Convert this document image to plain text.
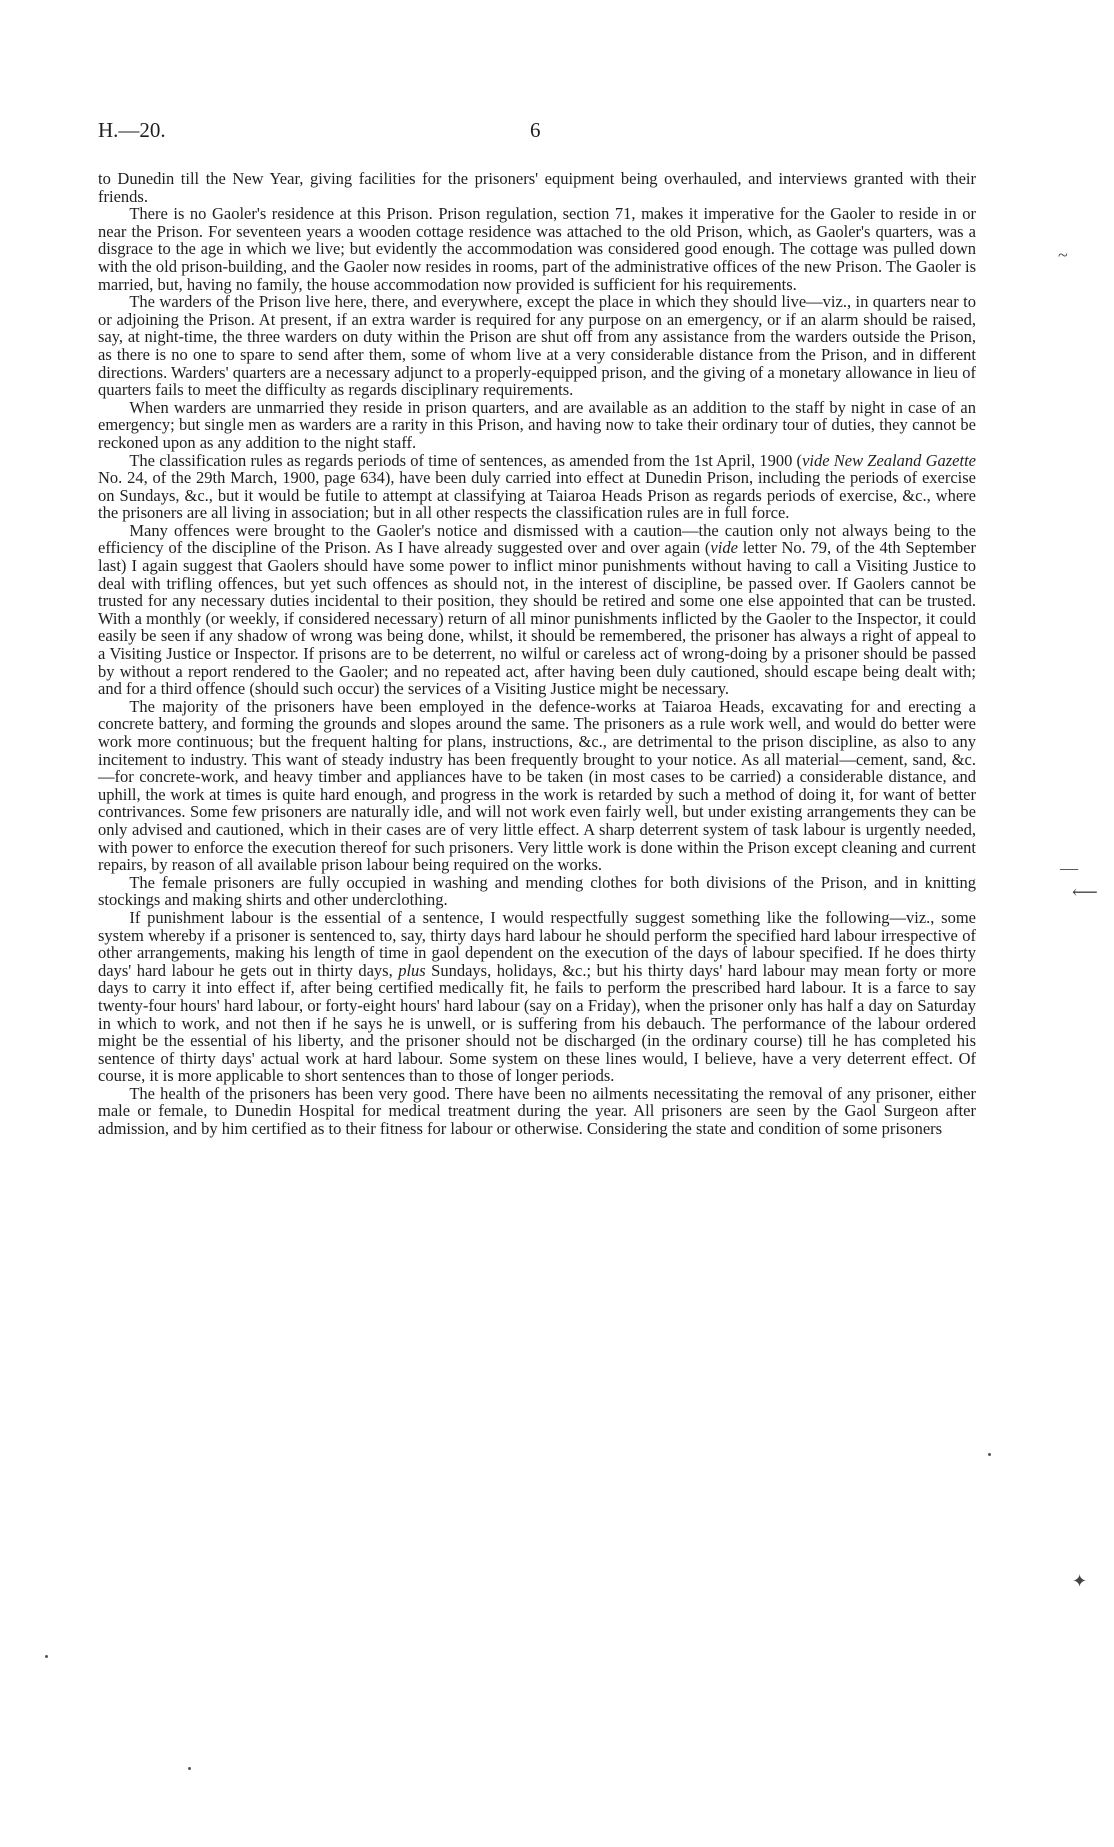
H.—20.	6

to Dunedin till the New Year, giving facilities for the prisoners' equipment being overhauled, and interviews granted with their friends.

There is no Gaoler's residence at this Prison. Prison regulation, section 71, makes it imperative for the Gaoler to reside in or near the Prison. For seventeen years a wooden cottage residence was attached to the old Prison, which, as Gaoler's quarters, was a disgrace to the age in which we live; but evidently the accommodation was considered good enough. The cottage was pulled down with the old prison-building, and the Gaoler now resides in rooms, part of the administrative offices of the new Prison. The Gaoler is married, but, having no family, the house accommodation now provided is sufficient for his requirements.

The warders of the Prison live here, there, and everywhere, except the place in which they should live—viz., in quarters near to or adjoining the Prison. At present, if an extra warder is required for any purpose on an emergency, or if an alarm should be raised, say, at night-time, the three warders on duty within the Prison are shut off from any assistance from the warders outside the Prison, as there is no one to spare to send after them, some of whom live at a very considerable distance from the Prison, and in different directions. Warders' quarters are a necessary adjunct to a properly-equipped prison, and the giving of a monetary allowance in lieu of quarters fails to meet the difficulty as regards disciplinary requirements.

When warders are unmarried they reside in prison quarters, and are available as an addition to the staff by night in case of an emergency; but single men as warders are a rarity in this Prison, and having now to take their ordinary tour of duties, they cannot be reckoned upon as any addition to the night staff.

The classification rules as regards periods of time of sentences, as amended from the 1st April, 1900 (vide New Zealand Gazette No. 24, of the 29th March, 1900, page 634), have been duly carried into effect at Dunedin Prison, including the periods of exercise on Sundays, &c., but it would be futile to attempt at classifying at Taiaroa Heads Prison as regards periods of exercise, &c., where the prisoners are all living in association; but in all other respects the classification rules are in full force.

Many offences were brought to the Gaoler's notice and dismissed with a caution—the caution only not always being to the efficiency of the discipline of the Prison. As I have already suggested over and over again (vide letter No. 79, of the 4th September last) I again suggest that Gaolers should have some power to inflict minor punishments without having to call a Visiting Justice to deal with trifling offences, but yet such offences as should not, in the interest of discipline, be passed over. If Gaolers cannot be trusted for any necessary duties incidental to their position, they should be retired and some one else appointed that can be trusted. With a monthly (or weekly, if considered necessary) return of all minor punishments inflicted by the Gaoler to the Inspector, it could easily be seen if any shadow of wrong was being done, whilst, it should be remembered, the prisoner has always a right of appeal to a Visiting Justice or Inspector. If prisons are to be deterrent, no wilful or careless act of wrong-doing by a prisoner should be passed by without a report rendered to the Gaoler; and no repeated act, after having been duly cautioned, should escape being dealt with; and for a third offence (should such occur) the services of a Visiting Justice might be necessary.

The majority of the prisoners have been employed in the defence-works at Taiaroa Heads, excavating for and erecting a concrete battery, and forming the grounds and slopes around the same. The prisoners as a rule work well, and would do better were work more continuous; but the frequent halting for plans, instructions, &c., are detrimental to the prison discipline, as also to any incitement to industry. This want of steady industry has been frequently brought to your notice. As all material—cement, sand, &c.—for concrete-work, and heavy timber and appliances have to be taken (in most cases to be carried) a considerable distance, and uphill, the work at times is quite hard enough, and progress in the work is retarded by such a method of doing it, for want of better contrivances. Some few prisoners are naturally idle, and will not work even fairly well, but under existing arrangements they can be only advised and cautioned, which in their cases are of very little effect. A sharp deterrent system of task labour is urgently needed, with power to enforce the execution thereof for such prisoners. Very little work is done within the Prison except cleaning and current repairs, by reason of all available prison labour being required on the works.

The female prisoners are fully occupied in washing and mending clothes for both divisions of the Prison, and in knitting stockings and making shirts and other underclothing.

If punishment labour is the essential of a sentence, I would respectfully suggest something like the following—viz., some system whereby if a prisoner is sentenced to, say, thirty days hard labour he should perform the specified hard labour irrespective of other arrangements, making his length of time in gaol dependent on the execution of the days of labour specified. If he does thirty days' hard labour he gets out in thirty days, plus Sundays, holidays, &c.; but his thirty days' hard labour may mean forty or more days to carry it into effect if, after being certified medically fit, he fails to perform the prescribed hard labour. It is a farce to say twenty-four hours' hard labour, or forty-eight hours' hard labour (say on a Friday), when the prisoner only has half a day on Saturday in which to work, and not then if he says he is unwell, or is suffering from his debauch. The performance of the labour ordered might be the essential of his liberty, and the prisoner should not be discharged (in the ordinary course) till he has completed his sentence of thirty days' actual work at hard labour. Some system on these lines would, I believe, have a very deterrent effect. Of course, it is more applicable to short sentences than to those of longer periods.

The health of the prisoners has been very good. There have been no ailments necessitating the removal of any prisoner, either male or female, to Dunedin Hospital for medical treatment during the year. All prisoners are seen by the Gaol Surgeon after admission, and by him certified as to their fitness for labour or otherwise. Considering the state and condition of some prisoners

~
—
⟵
✦
